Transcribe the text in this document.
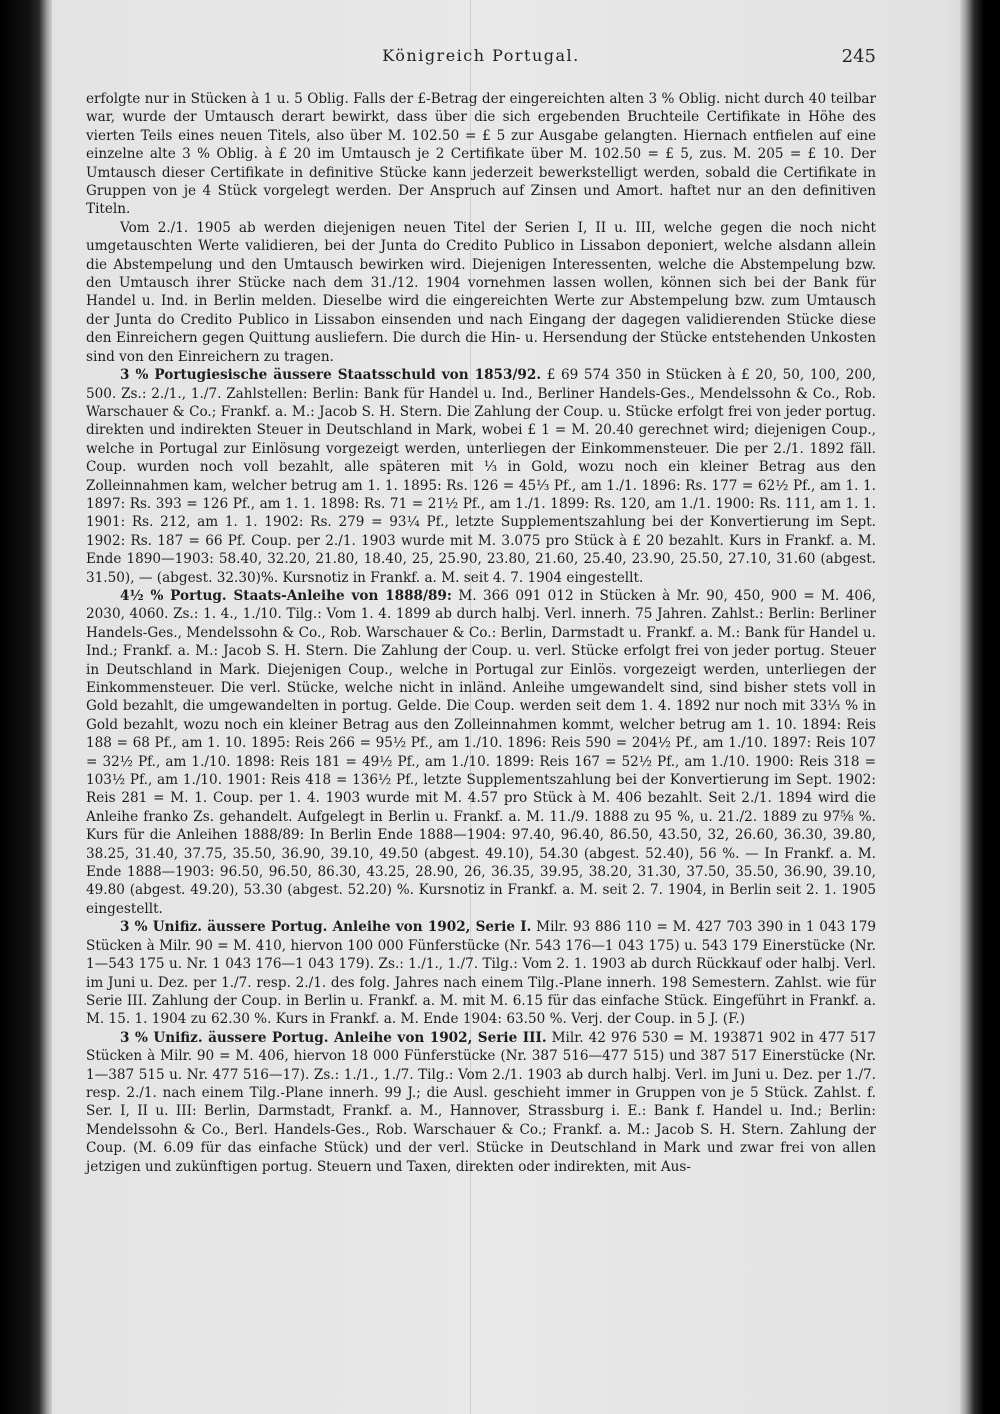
Königreich Portugal.	245

erfolgte nur in Stücken à 1 u. 5 Oblig. Falls der £-Betrag der eingereichten alten 3 % Oblig. nicht durch 40 teilbar war, wurde der Umtausch derart bewirkt, dass über die sich ergebenden Bruchteile Certifikate in Höhe des vierten Teils eines neuen Titels, also über M. 102.50 = £ 5 zur Ausgabe gelangten. Hiernach entfielen auf eine einzelne alte 3 % Oblig. à £ 20 im Umtausch je 2 Certifikate über M. 102.50 = £ 5, zus. M. 205 = £ 10. Der Umtausch dieser Certifikate in definitive Stücke kann jederzeit bewerkstelligt werden, sobald die Certifikate in Gruppen von je 4 Stück vorgelegt werden. Der Anspruch auf Zinsen und Amort. haftet nur an den definitiven Titeln.

Vom 2./1. 1905 ab werden diejenigen neuen Titel der Serien I, II u. III, welche gegen die noch nicht umgetauschten Werte validieren, bei der Junta do Credito Publico in Lissabon deponiert, welche alsdann allein die Abstempelung und den Umtausch bewirken wird. Diejenigen Interessenten, welche die Abstempelung bzw. den Umtausch ihrer Stücke nach dem 31./12. 1904 vornehmen lassen wollen, können sich bei der Bank für Handel u. Ind. in Berlin melden. Dieselbe wird die eingereichten Werte zur Abstempelung bzw. zum Umtausch der Junta do Credito Publico in Lissabon einsenden und nach Eingang der dagegen validierenden Stücke diese den Einreichern gegen Quittung ausliefern. Die durch die Hin- u. Hersendung der Stücke entstehenden Unkosten sind von den Einreichern zu tragen.

3 % Portugiesische äussere Staatsschuld von 1853/92. £ 69 574 350 in Stücken à £ 20, 50, 100, 200, 500. Zs.: 2./1., 1./7. Zahlstellen: Berlin: Bank für Handel u. Ind., Berliner Handels-Ges., Mendelssohn & Co., Rob. Warschauer & Co.; Frankf. a. M.: Jacob S. H. Stern. Die Zahlung der Coup. u. Stücke erfolgt frei von jeder portug. direkten und indirekten Steuer in Deutschland in Mark, wobei £ 1 = M. 20.40 gerechnet wird; diejenigen Coup., welche in Portugal zur Einlösung vorgezeigt werden, unterliegen der Einkommensteuer. Die per 2./1. 1892 fäll. Coup. wurden noch voll bezahlt, alle späteren mit ⅓ in Gold, wozu noch ein kleiner Betrag aus den Zolleinnahmen kam, welcher betrug am 1. 1. 1895: Rs. 126 = 45⅓ Pf., am 1./1. 1896: Rs. 177 = 62½ Pf., am 1. 1. 1897: Rs. 393 = 126 Pf., am 1. 1. 1898: Rs. 71 = 21½ Pf., am 1./1. 1899: Rs. 120, am 1./1. 1900: Rs. 111, am 1. 1. 1901: Rs. 212, am 1. 1. 1902: Rs. 279 = 93¼ Pf., letzte Supplementszahlung bei der Konvertierung im Sept. 1902: Rs. 187 = 66 Pf. Coup. per 2./1. 1903 wurde mit M. 3.075 pro Stück à £ 20 bezahlt. Kurs in Frankf. a. M. Ende 1890—1903: 58.40, 32.20, 21.80, 18.40, 25, 25.90, 23.80, 21.60, 25.40, 23.90, 25.50, 27.10, 31.60 (abgest. 31.50), — (abgest. 32.30)%. Kursnotiz in Frankf. a. M. seit 4. 7. 1904 eingestellt.

4½ % Portug. Staats-Anleihe von 1888/89: M. 366 091 012 in Stücken à Mr. 90, 450, 900 = M. 406, 2030, 4060. Zs.: 1. 4., 1./10. Tilg.: Vom 1. 4. 1899 ab durch halbj. Verl. innerh. 75 Jahren. Zahlst.: Berlin: Berliner Handels-Ges., Mendelssohn & Co., Rob. Warschauer & Co.: Berlin, Darmstadt u. Frankf. a. M.: Bank für Handel u. Ind.; Frankf. a. M.: Jacob S. H. Stern. Die Zahlung der Coup. u. verl. Stücke erfolgt frei von jeder portug. Steuer in Deutschland in Mark. Diejenigen Coup., welche in Portugal zur Einlös. vorgezeigt werden, unterliegen der Einkommensteuer. Die verl. Stücke, welche nicht in inländ. Anleihe umgewandelt sind, sind bisher stets voll in Gold bezahlt, die umgewandelten in portug. Gelde. Die Coup. werden seit dem 1. 4. 1892 nur noch mit 33⅓ % in Gold bezahlt, wozu noch ein kleiner Betrag aus den Zolleinnahmen kommt, welcher betrug am 1. 10. 1894: Reis 188 = 68 Pf., am 1. 10. 1895: Reis 266 = 95½ Pf., am 1./10. 1896: Reis 590 = 204½ Pf., am 1./10. 1897: Reis 107 = 32½ Pf., am 1./10. 1898: Reis 181 = 49½ Pf., am 1./10. 1899: Reis 167 = 52½ Pf., am 1./10. 1900: Reis 318 = 103½ Pf., am 1./10. 1901: Reis 418 = 136½ Pf., letzte Supplementszahlung bei der Konvertierung im Sept. 1902: Reis 281 = M. 1. Coup. per 1. 4. 1903 wurde mit M. 4.57 pro Stück à M. 406 bezahlt. Seit 2./1. 1894 wird die Anleihe franko Zs. gehandelt. Aufgelegt in Berlin u. Frankf. a. M. 11./9. 1888 zu 95 %, u. 21./2. 1889 zu 97⅝ %. Kurs für die Anleihen 1888/89: In Berlin Ende 1888—1904: 97.40, 96.40, 86.50, 43.50, 32, 26.60, 36.30, 39.80, 38.25, 31.40, 37.75, 35.50, 36.90, 39.10, 49.50 (abgest. 49.10), 54.30 (abgest. 52.40), 56 %. — In Frankf. a. M. Ende 1888—1903: 96.50, 96.50, 86.30, 43.25, 28.90, 26, 36.35, 39.95, 38.20, 31.30, 37.50, 35.50, 36.90, 39.10, 49.80 (abgest. 49.20), 53.30 (abgest. 52.20) %. Kursnotiz in Frankf. a. M. seit 2. 7. 1904, in Berlin seit 2. 1. 1905 eingestellt.

3 % Unifiz. äussere Portug. Anleihe von 1902, Serie I. Milr. 93 886 110 = M. 427 703 390 in 1 043 179 Stücken à Milr. 90 = M. 410, hiervon 100 000 Fünferstücke (Nr. 543 176—1 043 175) u. 543 179 Einerstücke (Nr. 1—543 175 u. Nr. 1 043 176—1 043 179). Zs.: 1./1., 1./7. Tilg.: Vom 2. 1. 1903 ab durch Rückkauf oder halbj. Verl. im Juni u. Dez. per 1./7. resp. 2./1. des folg. Jahres nach einem Tilg.-Plane innerh. 198 Semestern. Zahlst. wie für Serie III. Zahlung der Coup. in Berlin u. Frankf. a. M. mit M. 6.15 für das einfache Stück. Eingeführt in Frankf. a. M. 15. 1. 1904 zu 62.30 %. Kurs in Frankf. a. M. Ende 1904: 63.50 %. Verj. der Coup. in 5 J. (F.)

3 % Unifiz. äussere Portug. Anleihe von 1902, Serie III. Milr. 42 976 530 = M. 193871 902 in 477 517 Stücken à Milr. 90 = M. 406, hiervon 18 000 Fünferstücke (Nr. 387 516—477 515) und 387 517 Einerstücke (Nr. 1—387 515 u. Nr. 477 516—17). Zs.: 1./1., 1./7. Tilg.: Vom 2./1. 1903 ab durch halbj. Verl. im Juni u. Dez. per 1./7. resp. 2./1. nach einem Tilg.-Plane innerh. 99 J.; die Ausl. geschieht immer in Gruppen von je 5 Stück. Zahlst. f. Ser. I, II u. III: Berlin, Darmstadt, Frankf. a. M., Hannover, Strassburg i. E.: Bank f. Handel u. Ind.; Berlin: Mendelssohn & Co., Berl. Handels-Ges., Rob. Warschauer & Co.; Frankf. a. M.: Jacob S. H. Stern. Zahlung der Coup. (M. 6.09 für das einfache Stück) und der verl. Stücke in Deutschland in Mark und zwar frei von allen jetzigen und zukünftigen portug. Steuern und Taxen, direkten oder indirekten, mit Aus-
